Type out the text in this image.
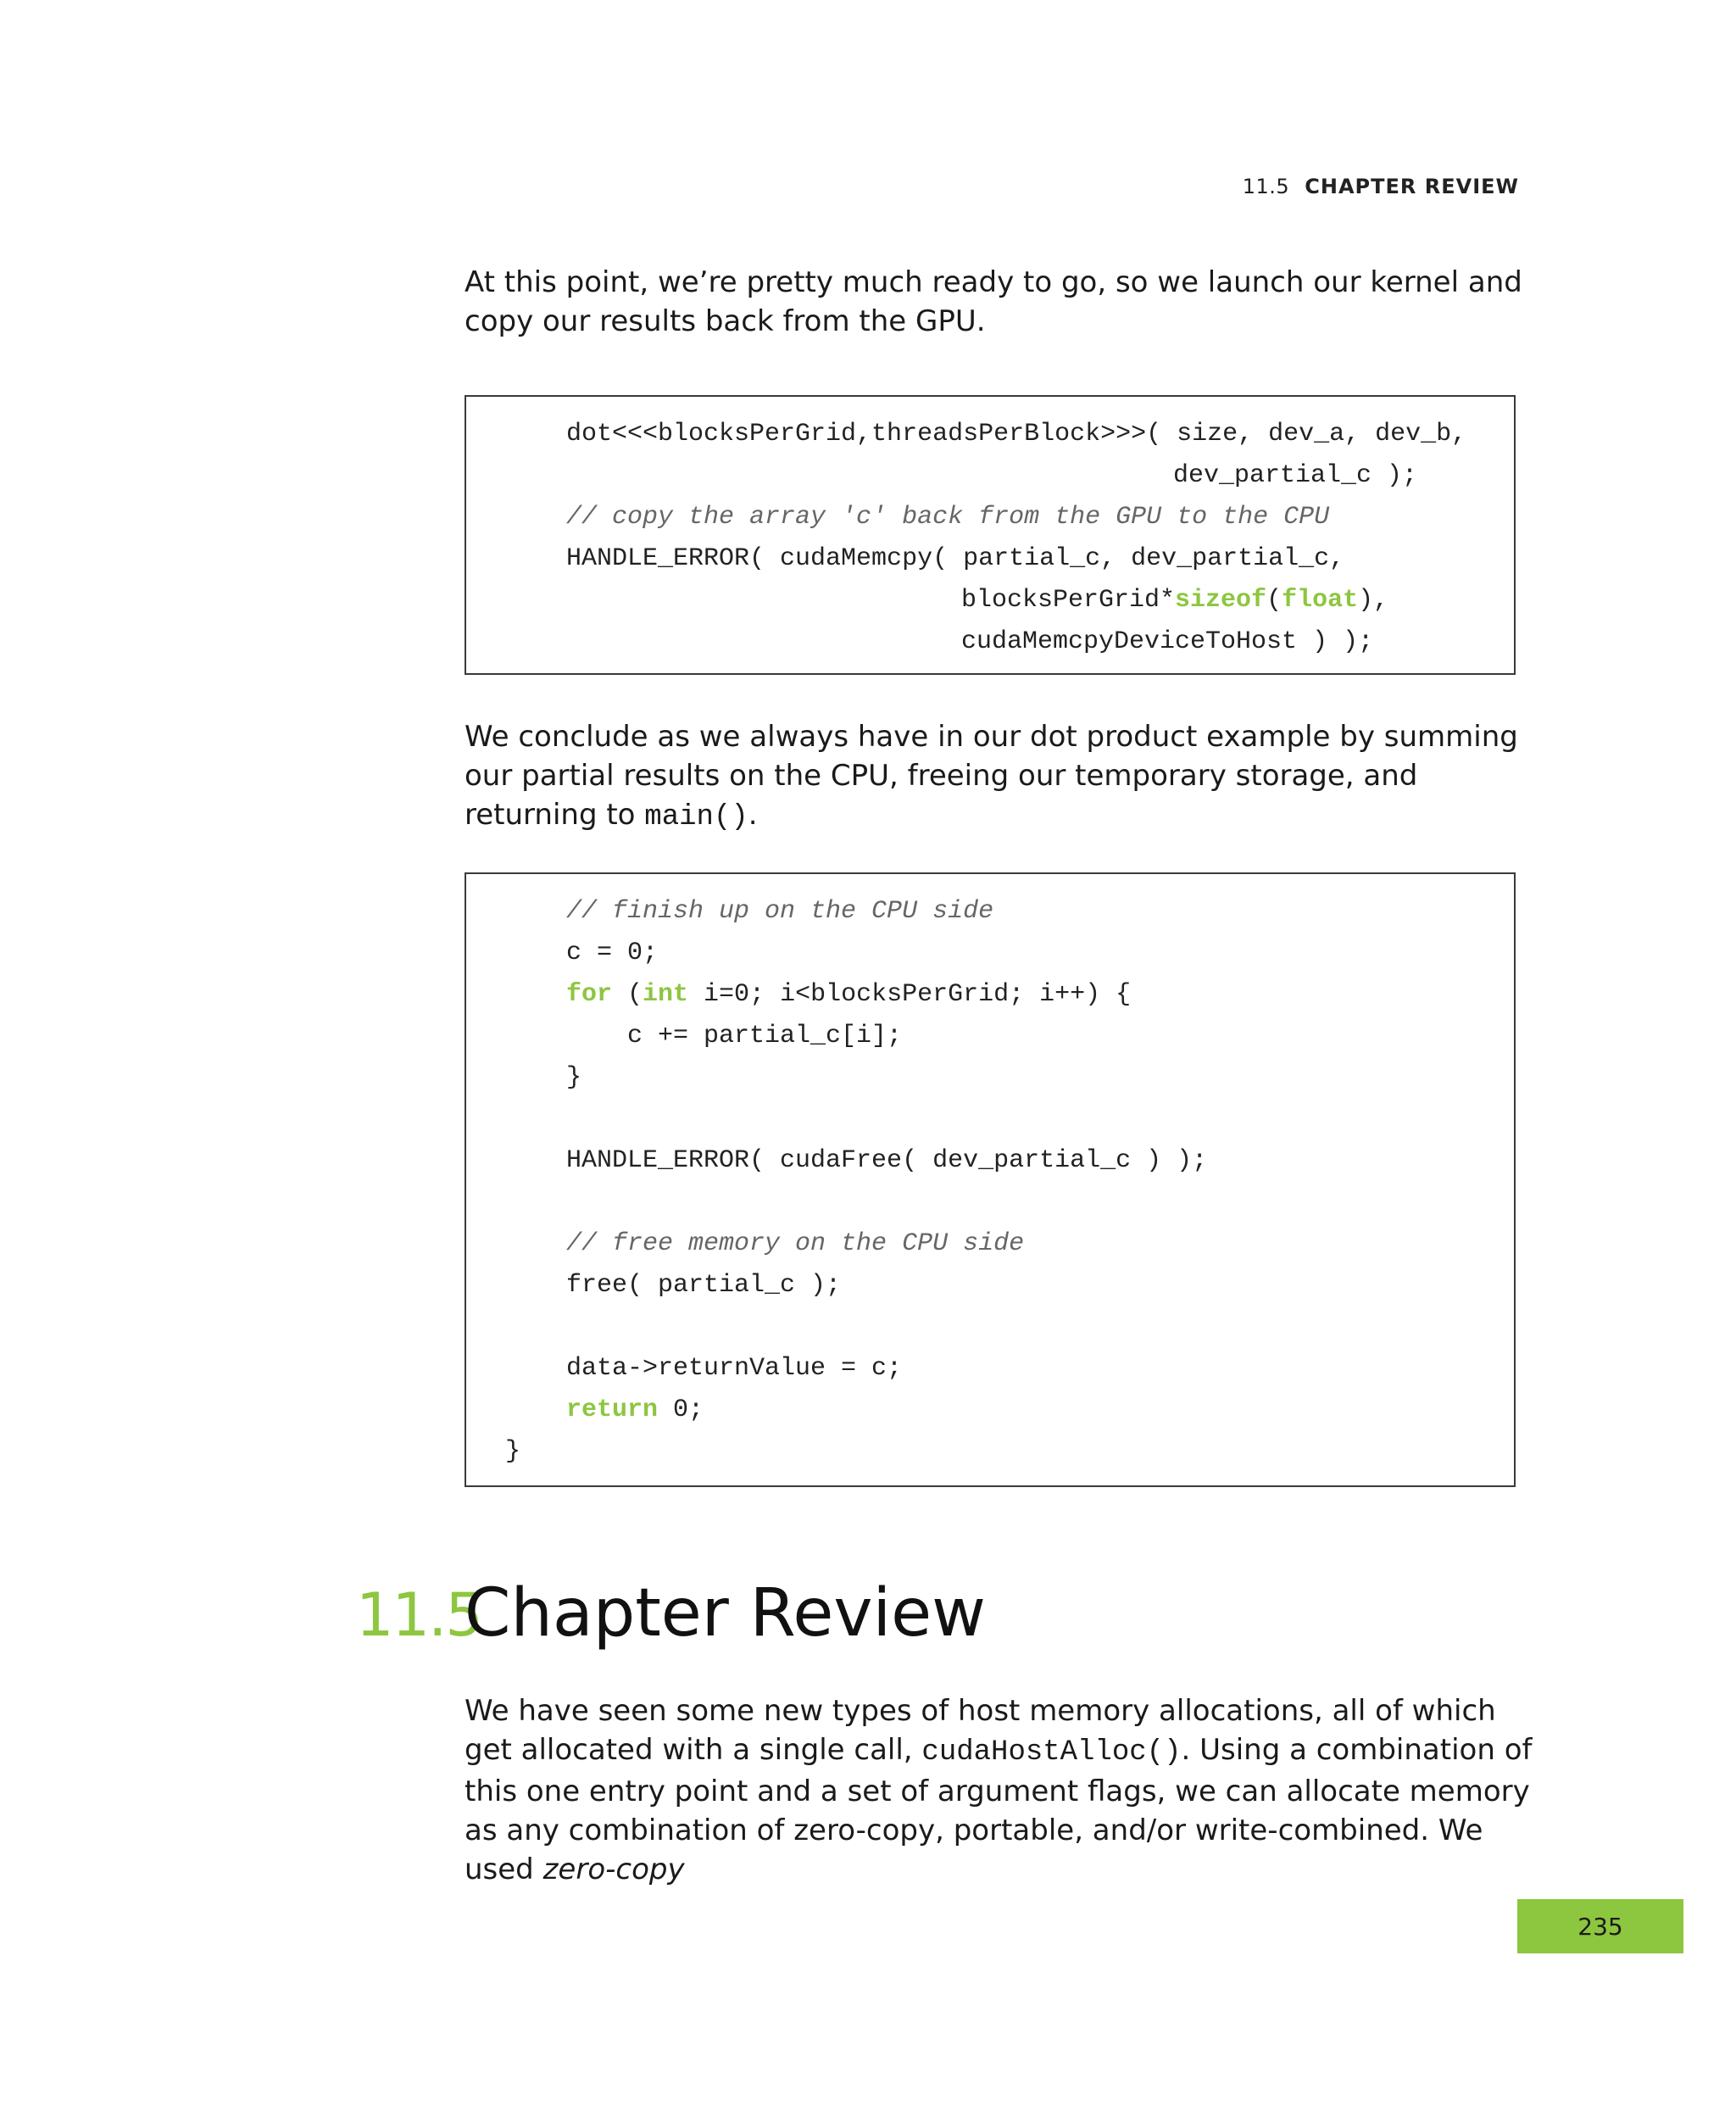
11.5 CHAPTER REVIEW

At this point, we’re pretty much ready to go, so we launch our kernel and copy our results back from the GPU.

dot<<<blocksPerGrid,threadsPerBlock>>>( size, dev_a, dev_b,

dev_partial_c );

// copy the array 'c' back from the GPU to the CPU

HANDLE_ERROR( cudaMemcpy( partial_c, dev_partial_c,

blocksPerGrid*sizeof(float),

cudaMemcpyDeviceToHost ) );

We conclude as we always have in our dot product example by summing our partial results on the CPU, freeing our temporary storage, and returning to main().

// finish up on the CPU side

c = 0;

for (int i=0; i<blocksPerGrid; i++) {

c += partial_c[i];

}

HANDLE_ERROR( cudaFree( dev_partial_c ) );

// free memory on the CPU side

free( partial_c );

data->returnValue = c;

return 0;

}

11.5
Chapter Review

We have seen some new types of host memory allocations, all of which get allocated with a single call, cudaHostAlloc(). Using a combination of this one entry point and a set of argument flags, we can allocate memory as any combination of zero-copy, portable, and/or write-combined. We used zero-copy

235
